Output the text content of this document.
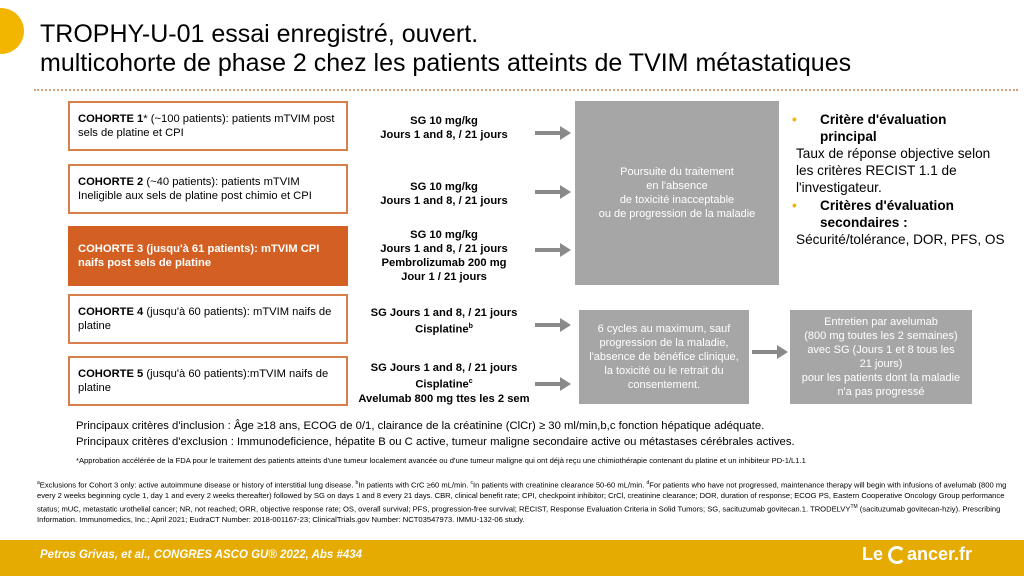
TROPHY-U-01 essai enregistré, ouvert.
multicohorte de phase 2 chez les patients atteints de TVIM métastatiques
COHORTE 1* (~100 patients): patients mTVIM post sels de platine et CPI
COHORTE 2 (~40 patients): patients mTVIM Ineligible aux sels de platine post chimio et CPI
COHORTE 3 (jusqu'à 61 patients): mTVIM CPI naifs post sels de platine
COHORTE 4 (jusqu'à 60 patients): mTVIM naifs de platine
COHORTE 5 (jusqu'à 60 patients):mTVIM naifs de platine
SG 10 mg/kg
Jours 1 and 8, / 21 jours
SG 10 mg/kg
Jours 1 and 8, / 21 jours
SG 10 mg/kg
Jours 1 and 8, / 21 jours
Pembrolizumab 200 mg
Jour 1 / 21 jours
SG Jours 1 and 8, / 21 jours
Cisplatine$^b$
SG Jours 1 and 8, / 21 jours
Cisplatine$^c$
Avelumab 800 mg ttes les 2 sem
Poursuite du traitement
en l'absence
de toxicité inacceptable
ou de progression de la maladie
6 cycles au maximum, sauf
progression de la maladie,
l'absence de bénéfice clinique,
la toxicité ou le retrait du
consentement.
Entretien par avelumab
(800 mg toutes les 2 semaines)
avec SG (Jours 1 et 8 tous les
21 jours)
pour les patients dont la maladie
n'a pas progressé
•	Critère d'évaluation
principal
Taux de réponse objective selon les critères RECIST 1.1 de l'investigateur.
•	Critères d'évaluation
secondaires :
Sécurité/tolérance, DOR, PFS, OS
Principaux critères d'inclusion : Âge ≥18 ans, ECOG de 0/1, clairance de la créatinine (ClCr) ≥ 30 ml/min,b,c fonction hépatique adéquate.
Principaux critères d'exclusion : Immunodeficience, hépatite B ou C active, tumeur maligne secondaire active ou métastases cérébrales actives.
*Approbation accélérée de la FDA pour le traitement des patients atteints d'une tumeur localement avancée ou d'une tumeur maligne qui ont déjà reçu une chimiothérapie contenant du platine et un inhibiteur PD-1/L1.1
$^a$Exclusions for Cohort 3 only: active autoimmune disease or history of interstitial lung disease. $^b$In patients with CrC ≥60 mL/min. $^c$In patients with creatinine clearance 50-60 mL/min. $^d$For patients who have not progressed, maintenance therapy will begin with infusions of avelumab (800 mg every 2 weeks beginning cycle 1, day 1 and every 2 weeks thereafter) followed by SG on days 1 and 8 every 21 days. CBR, clinical benefit rate; CPI, checkpoint inhibitor; CrCl, creatinine clearance; DOR, duration of response; ECOG PS, Eastern Cooperative Oncology Group performance status; mUC, metastatic urothelial cancer; NR, not reached; ORR, objective response rate; OS, overall survival; PFS, progression-free survival; RECIST, Response Evaluation Criteria in Solid Tumors; SG, sacituzumab govitecan.1. TRODELVY™ (sacituzumab govitecan-hziy). Prescribing Information. Immunomedics, Inc.; April 2021; EudraCT Number: 2018-001167-23; ClinicalTrials.gov Number: NCT03547973. IMMU-132-06 study.
Petros Grivas, et al., CONGRES ASCO GU® 2022, Abs #434	Le ancer.fr
